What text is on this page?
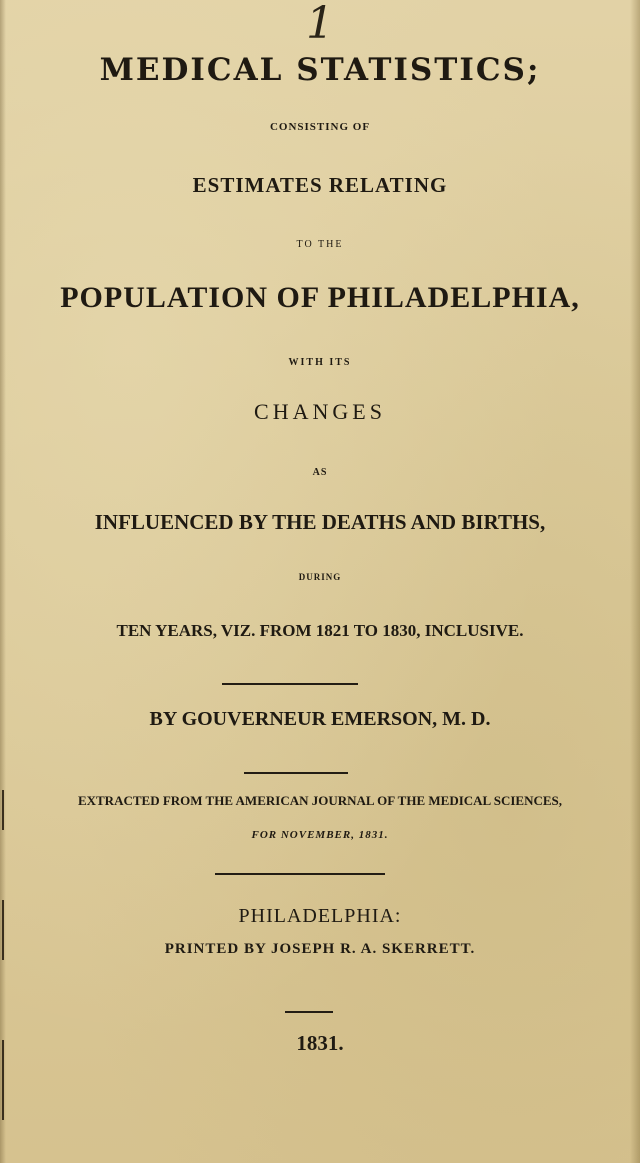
1
MEDICAL STATISTICS;
CONSISTING OF
ESTIMATES RELATING
TO THE
POPULATION OF PHILADELPHIA,
WITH ITS
CHANGES
AS
INFLUENCED BY THE DEATHS AND BIRTHS,
DURING
TEN YEARS, VIZ. FROM 1821 TO 1830, INCLUSIVE.
BY GOUVERNEUR EMERSON, M. D.
EXTRACTED FROM THE AMERICAN JOURNAL OF THE MEDICAL SCIENCES,
FOR NOVEMBER, 1831.
PHILADELPHIA:
PRINTED BY JOSEPH R. A. SKERRETT.
1831.
